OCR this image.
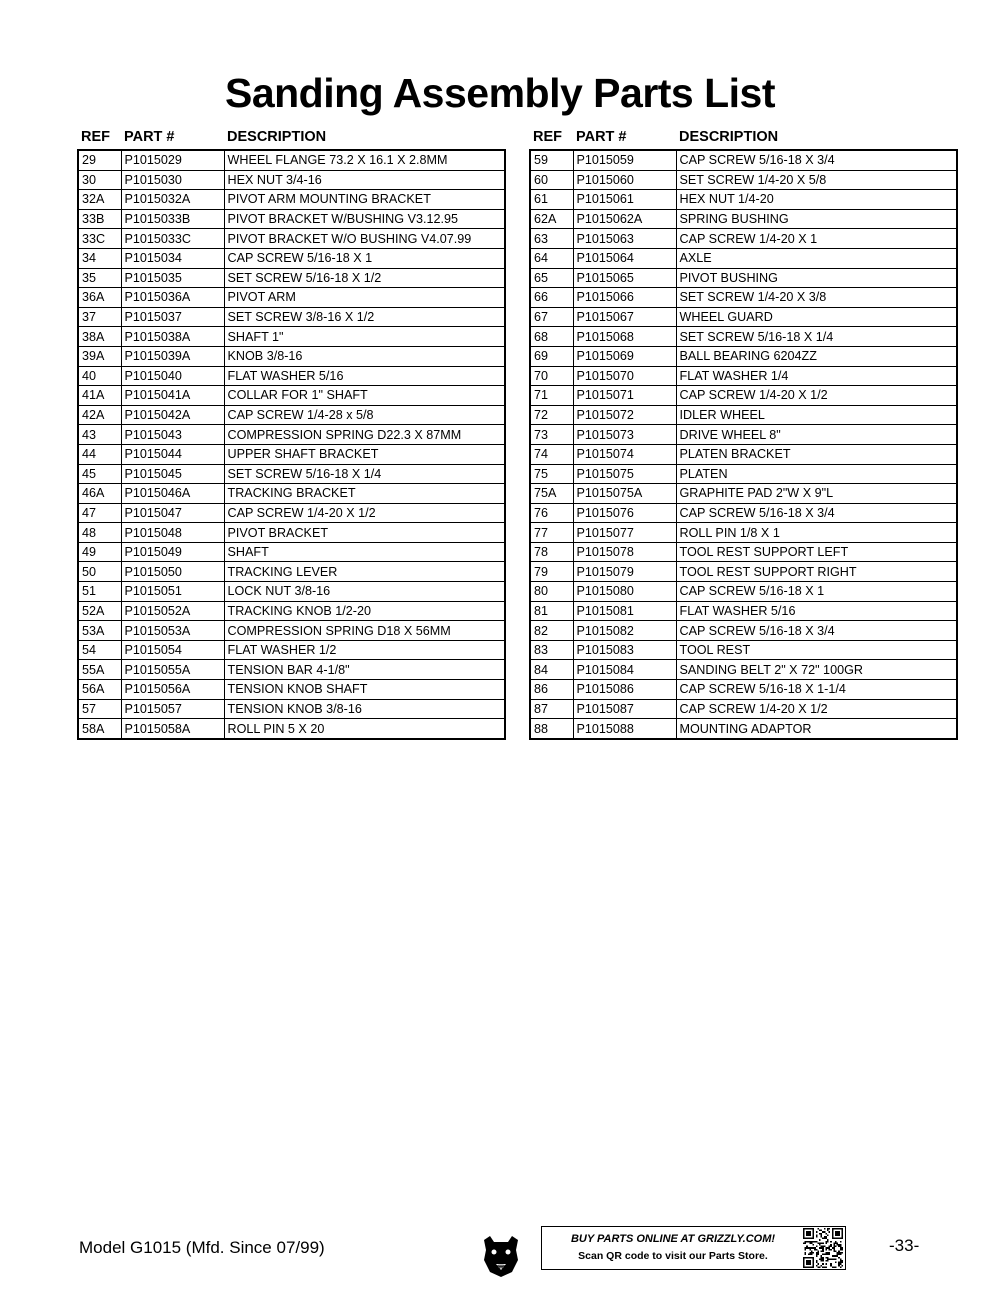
Sanding Assembly Parts List
REF PART #	DESCRIPTION
29	P1015029	WHEEL FLANGE 73.2 X 16.1 X 2.8MM
30	P1015030	HEX NUT 3/4-16
32A	P1015032A	PIVOT ARM MOUNTING BRACKET
33B	P1015033B	PIVOT BRACKET W/BUSHING V3.12.95
33C	P1015033C	PIVOT BRACKET W/O BUSHING V4.07.99
34	P1015034	CAP SCREW 5/16-18 X 1
35	P1015035	SET SCREW 5/16-18 X 1/2
36A	P1015036A	PIVOT ARM
37	P1015037	SET SCREW 3/8-16 X 1/2
38A	P1015038A	SHAFT 1"
39A	P1015039A	KNOB 3/8-16
40	P1015040	FLAT WASHER 5/16
41A	P1015041A	COLLAR FOR 1" SHAFT
42A	P1015042A	CAP SCREW 1/4-28 x 5/8
43	P1015043	COMPRESSION SPRING D22.3 X 87MM
44	P1015044	UPPER SHAFT BRACKET
45	P1015045	SET SCREW 5/16-18 X 1/4
46A	P1015046A	TRACKING BRACKET
47	P1015047	CAP SCREW 1/4-20 X 1/2
48	P1015048	PIVOT BRACKET
49	P1015049	SHAFT
50	P1015050	TRACKING LEVER
51	P1015051	LOCK NUT 3/8-16
52A	P1015052A	TRACKING KNOB 1/2-20
53A	P1015053A	COMPRESSION SPRING D18 X 56MM
54	P1015054	FLAT WASHER 1/2
55A	P1015055A	TENSION BAR 4-1/8"
56A	P1015056A	TENSION KNOB SHAFT
57	P1015057	TENSION KNOB 3/8-16
58A	P1015058A	ROLL PIN 5 X 20
REF PART #	DESCRIPTION
59	P1015059	CAP SCREW 5/16-18 X 3/4
60	P1015060	SET SCREW 1/4-20 X 5/8
61	P1015061	HEX NUT 1/4-20
62A	P1015062A	SPRING BUSHING
63	P1015063	CAP SCREW 1/4-20 X 1
64	P1015064	AXLE
65	P1015065	PIVOT BUSHING
66	P1015066	SET SCREW 1/4-20 X 3/8
67	P1015067	WHEEL GUARD
68	P1015068	SET SCREW 5/16-18 X 1/4
69	P1015069	BALL BEARING 6204ZZ
70	P1015070	FLAT WASHER 1/4
71	P1015071	CAP SCREW 1/4-20 X 1/2
72	P1015072	IDLER WHEEL
73	P1015073	DRIVE WHEEL 8"
74	P1015074	PLATEN BRACKET
75	P1015075	PLATEN
75A	P1015075A	GRAPHITE PAD 2"W X 9"L
76	P1015076	CAP SCREW 5/16-18 X 3/4
77	P1015077	ROLL PIN 1/8 X 1
78	P1015078	TOOL REST SUPPORT LEFT
79	P1015079	TOOL REST SUPPORT RIGHT
80	P1015080	CAP SCREW 5/16-18 X 1
81	P1015081	FLAT WASHER 5/16
82	P1015082	CAP SCREW 5/16-18 X 3/4
83	P1015083	TOOL REST
84	P1015084	SANDING BELT 2" X 72" 100GR
86	P1015086	CAP SCREW 5/16-18 X 1-1/4
87	P1015087	CAP SCREW 1/4-20 X 1/2
88	P1015088	MOUNTING ADAPTOR
Model G1015 (Mfd. Since 07/99)	BUY PARTS ONLINE AT GRIZZLY.COM!
Scan QR code to visit our Parts Store.
-33-
